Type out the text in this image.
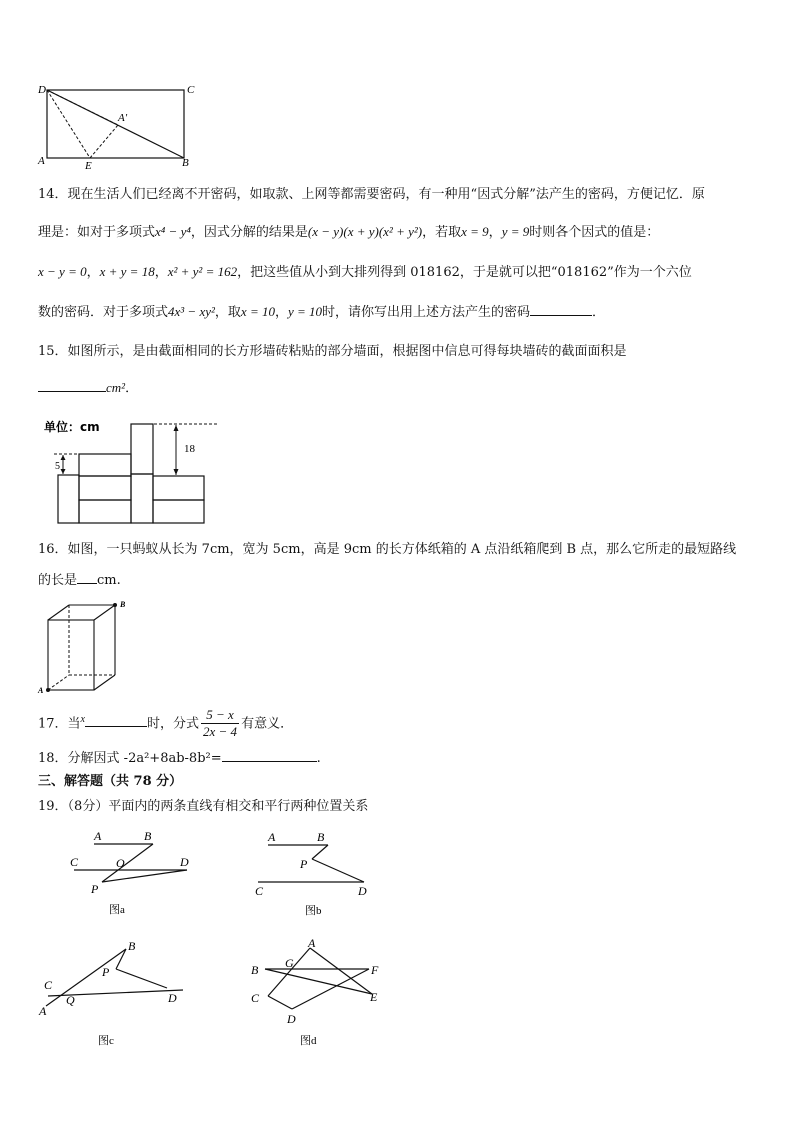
D	C
A	B
E
A′
14．现在生活人们已经离不开密码，如取款、上网等都需要密码，有一种用“因式分解”法产生的密码，方便记忆．原
理是：如对于多项式x⁴ − y⁴，因式分解的结果是(x − y)(x + y)(x² + y²)，若取x = 9，y = 9时则各个因式的值是：
x − y = 0，x + y = 18，x² + y² = 162，把这些值从小到大排列得到 018162，于是就可以把“018162”作为一个六位
数的密码．对于多项式4x³ − xy²，取x = 10，y = 10时，请你写出用上述方法产生的密码	．
15．如图所示，是由截面相同的长方形墙砖粘贴的部分墙面，根据图中信息可得每块墙砖的截面面积是
cm²．
单位：cm
5
18
16．如图，一只蚂蚁从长为 7cm，宽为 5cm，高是 9cm 的长方体纸箱的 A 点沿纸箱爬到 B 点，那么它所走的最短路线
的长是 cm.
B
A
17．当$^x$	时，分式 $\frac{5 - x}{2x - 4}$ 有意义．
18．分解因式 -2a²+8ab-8b²=	.
三、解答题（共 78 分）
19．（8分）平面内的两条直线有相交和平行两种位置关系
A	B
C	O	D
P
图a
A	B
P
C	D
图b
B
P
C
Q	D
A
图c
A
B G	F
C	E
D
图d
